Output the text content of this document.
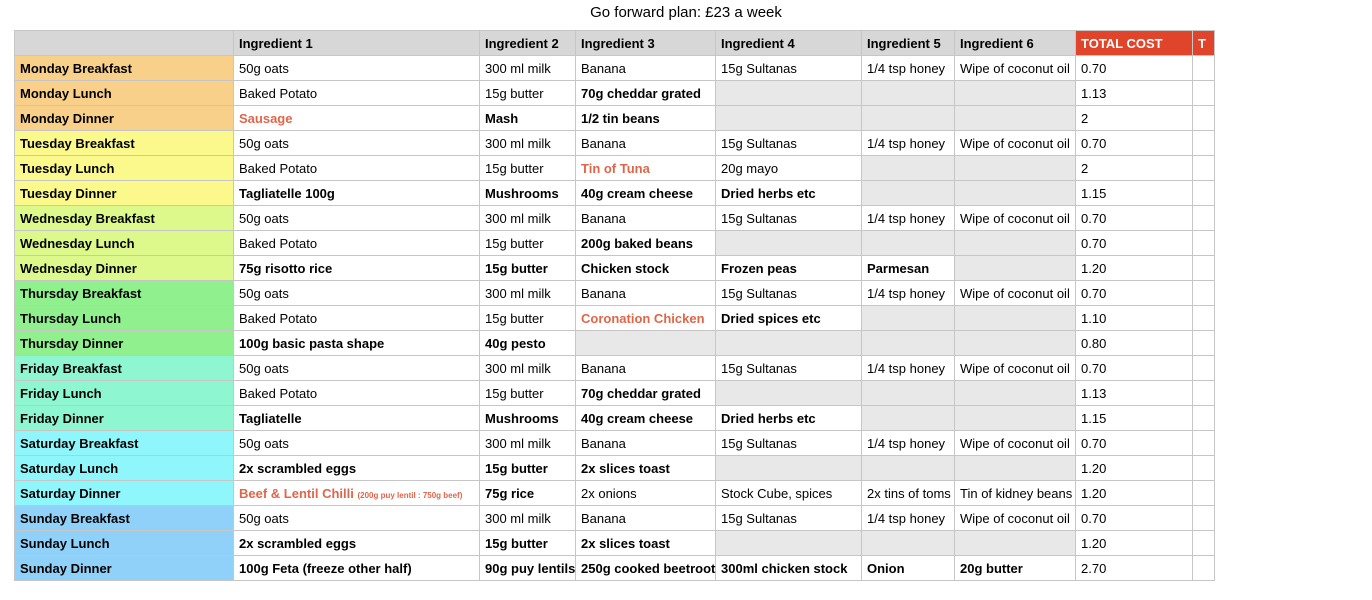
Go forward plan: £23 a week
	Ingredient 1	Ingredient 2	Ingredient 3	Ingredient 4	Ingredient 5	Ingredient 6	TOTAL COST	T
Monday Breakfast	50g oats	300 ml milk	Banana	15g Sultanas	1/4 tsp honey	Wipe of coconut oil	0.70	
Monday Lunch	Baked Potato	15g butter	70g cheddar grated				1.13	
Monday Dinner	Sausage	Mash	1/2 tin beans				2	
Tuesday Breakfast	50g oats	300 ml milk	Banana	15g Sultanas	1/4 tsp honey	Wipe of coconut oil	0.70	
Tuesday Lunch	Baked Potato	15g butter	Tin of Tuna	20g mayo			2	
Tuesday Dinner	Tagliatelle 100g	Mushrooms	40g cream cheese	Dried herbs etc			1.15	
Wednesday Breakfast	50g oats	300 ml milk	Banana	15g Sultanas	1/4 tsp honey	Wipe of coconut oil	0.70	
Wednesday Lunch	Baked Potato	15g butter	200g baked beans				0.70	
Wednesday Dinner	75g risotto rice	15g butter	Chicken stock	Frozen peas	Parmesan		1.20	
Thursday Breakfast	50g oats	300 ml milk	Banana	15g Sultanas	1/4 tsp honey	Wipe of coconut oil	0.70	
Thursday Lunch	Baked Potato	15g butter	Coronation Chicken	Dried spices etc			1.10	
Thursday Dinner	100g basic pasta shape	40g pesto					0.80	
Friday Breakfast	50g oats	300 ml milk	Banana	15g Sultanas	1/4 tsp honey	Wipe of coconut oil	0.70	
Friday Lunch	Baked Potato	15g butter	70g cheddar grated				1.13	
Friday Dinner	Tagliatelle	Mushrooms	40g cream cheese	Dried herbs etc			1.15	
Saturday Breakfast	50g oats	300 ml milk	Banana	15g Sultanas	1/4 tsp honey	Wipe of coconut oil	0.70	
Saturday Lunch	2x scrambled eggs	15g butter	2x slices toast				1.20	
Saturday Dinner	Beef & Lentil Chilli (200g puy lentil : 750g beef)	75g rice	2x onions	Stock Cube, spices	2x tins of toms	Tin of kidney beans	1.20	
Sunday Breakfast	50g oats	300 ml milk	Banana	15g Sultanas	1/4 tsp honey	Wipe of coconut oil	0.70	
Sunday Lunch	2x scrambled eggs	15g butter	2x slices toast				1.20	
Sunday Dinner	100g Feta (freeze other half)	90g puy lentils	250g cooked beetroot	300ml chicken stock	Onion	20g butter	2.70	
